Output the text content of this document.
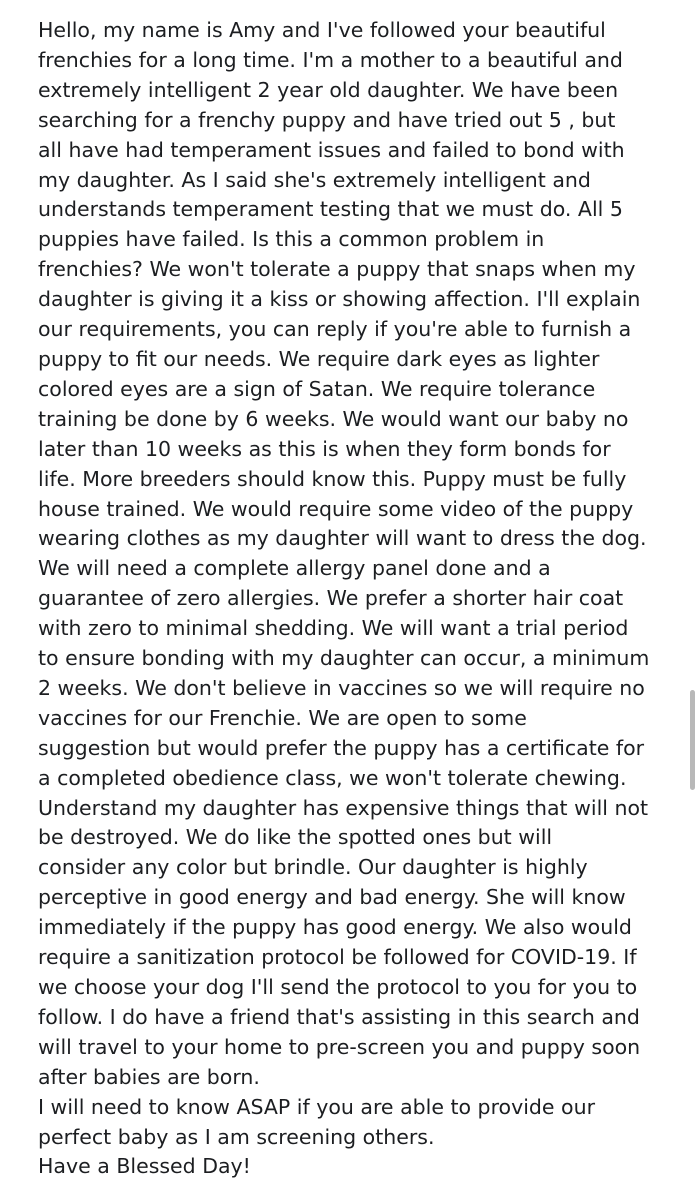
Hello, my name is Amy and I've followed your beautiful
frenchies for a long time. I'm a mother to a beautiful and
extremely intelligent 2 year old daughter. We have been
searching for a frenchy puppy and have tried out 5 , but
all have had temperament issues and failed to bond with
my daughter. As I said she's extremely intelligent and
understands temperament testing that we must do. All 5
puppies have failed. Is this a common problem in
frenchies? We won't tolerate a puppy that snaps when my
daughter is giving it a kiss or showing affection. I'll explain
our requirements, you can reply if you're able to furnish a
puppy to fit our needs. We require dark eyes as lighter
colored eyes are a sign of Satan. We require tolerance
training be done by 6 weeks. We would want our baby no
later than 10 weeks as this is when they form bonds for
life. More breeders should know this. Puppy must be fully
house trained. We would require some video of the puppy
wearing clothes as my daughter will want to dress the dog.
We will need a complete allergy panel done and a
guarantee of zero allergies. We prefer a shorter hair coat
with zero to minimal shedding. We will want a trial period
to ensure bonding with my daughter can occur, a minimum
2 weeks. We don't believe in vaccines so we will require no
vaccines for our Frenchie. We are open to some
suggestion but would prefer the puppy has a certificate for
a completed obedience class, we won't tolerate chewing.
Understand my daughter has expensive things that will not
be destroyed. We do like the spotted ones but will
consider any color but brindle. Our daughter is highly
perceptive in good energy and bad energy. She will know
immediately if the puppy has good energy. We also would
require a sanitization protocol be followed for COVID-19. If
we choose your dog I'll send the protocol to you for you to
follow. I do have a friend that's assisting in this search and
will travel to your home to pre-screen you and puppy soon
after babies are born.
I will need to know ASAP if you are able to provide our
perfect baby as I am screening others.
Have a Blessed Day!
